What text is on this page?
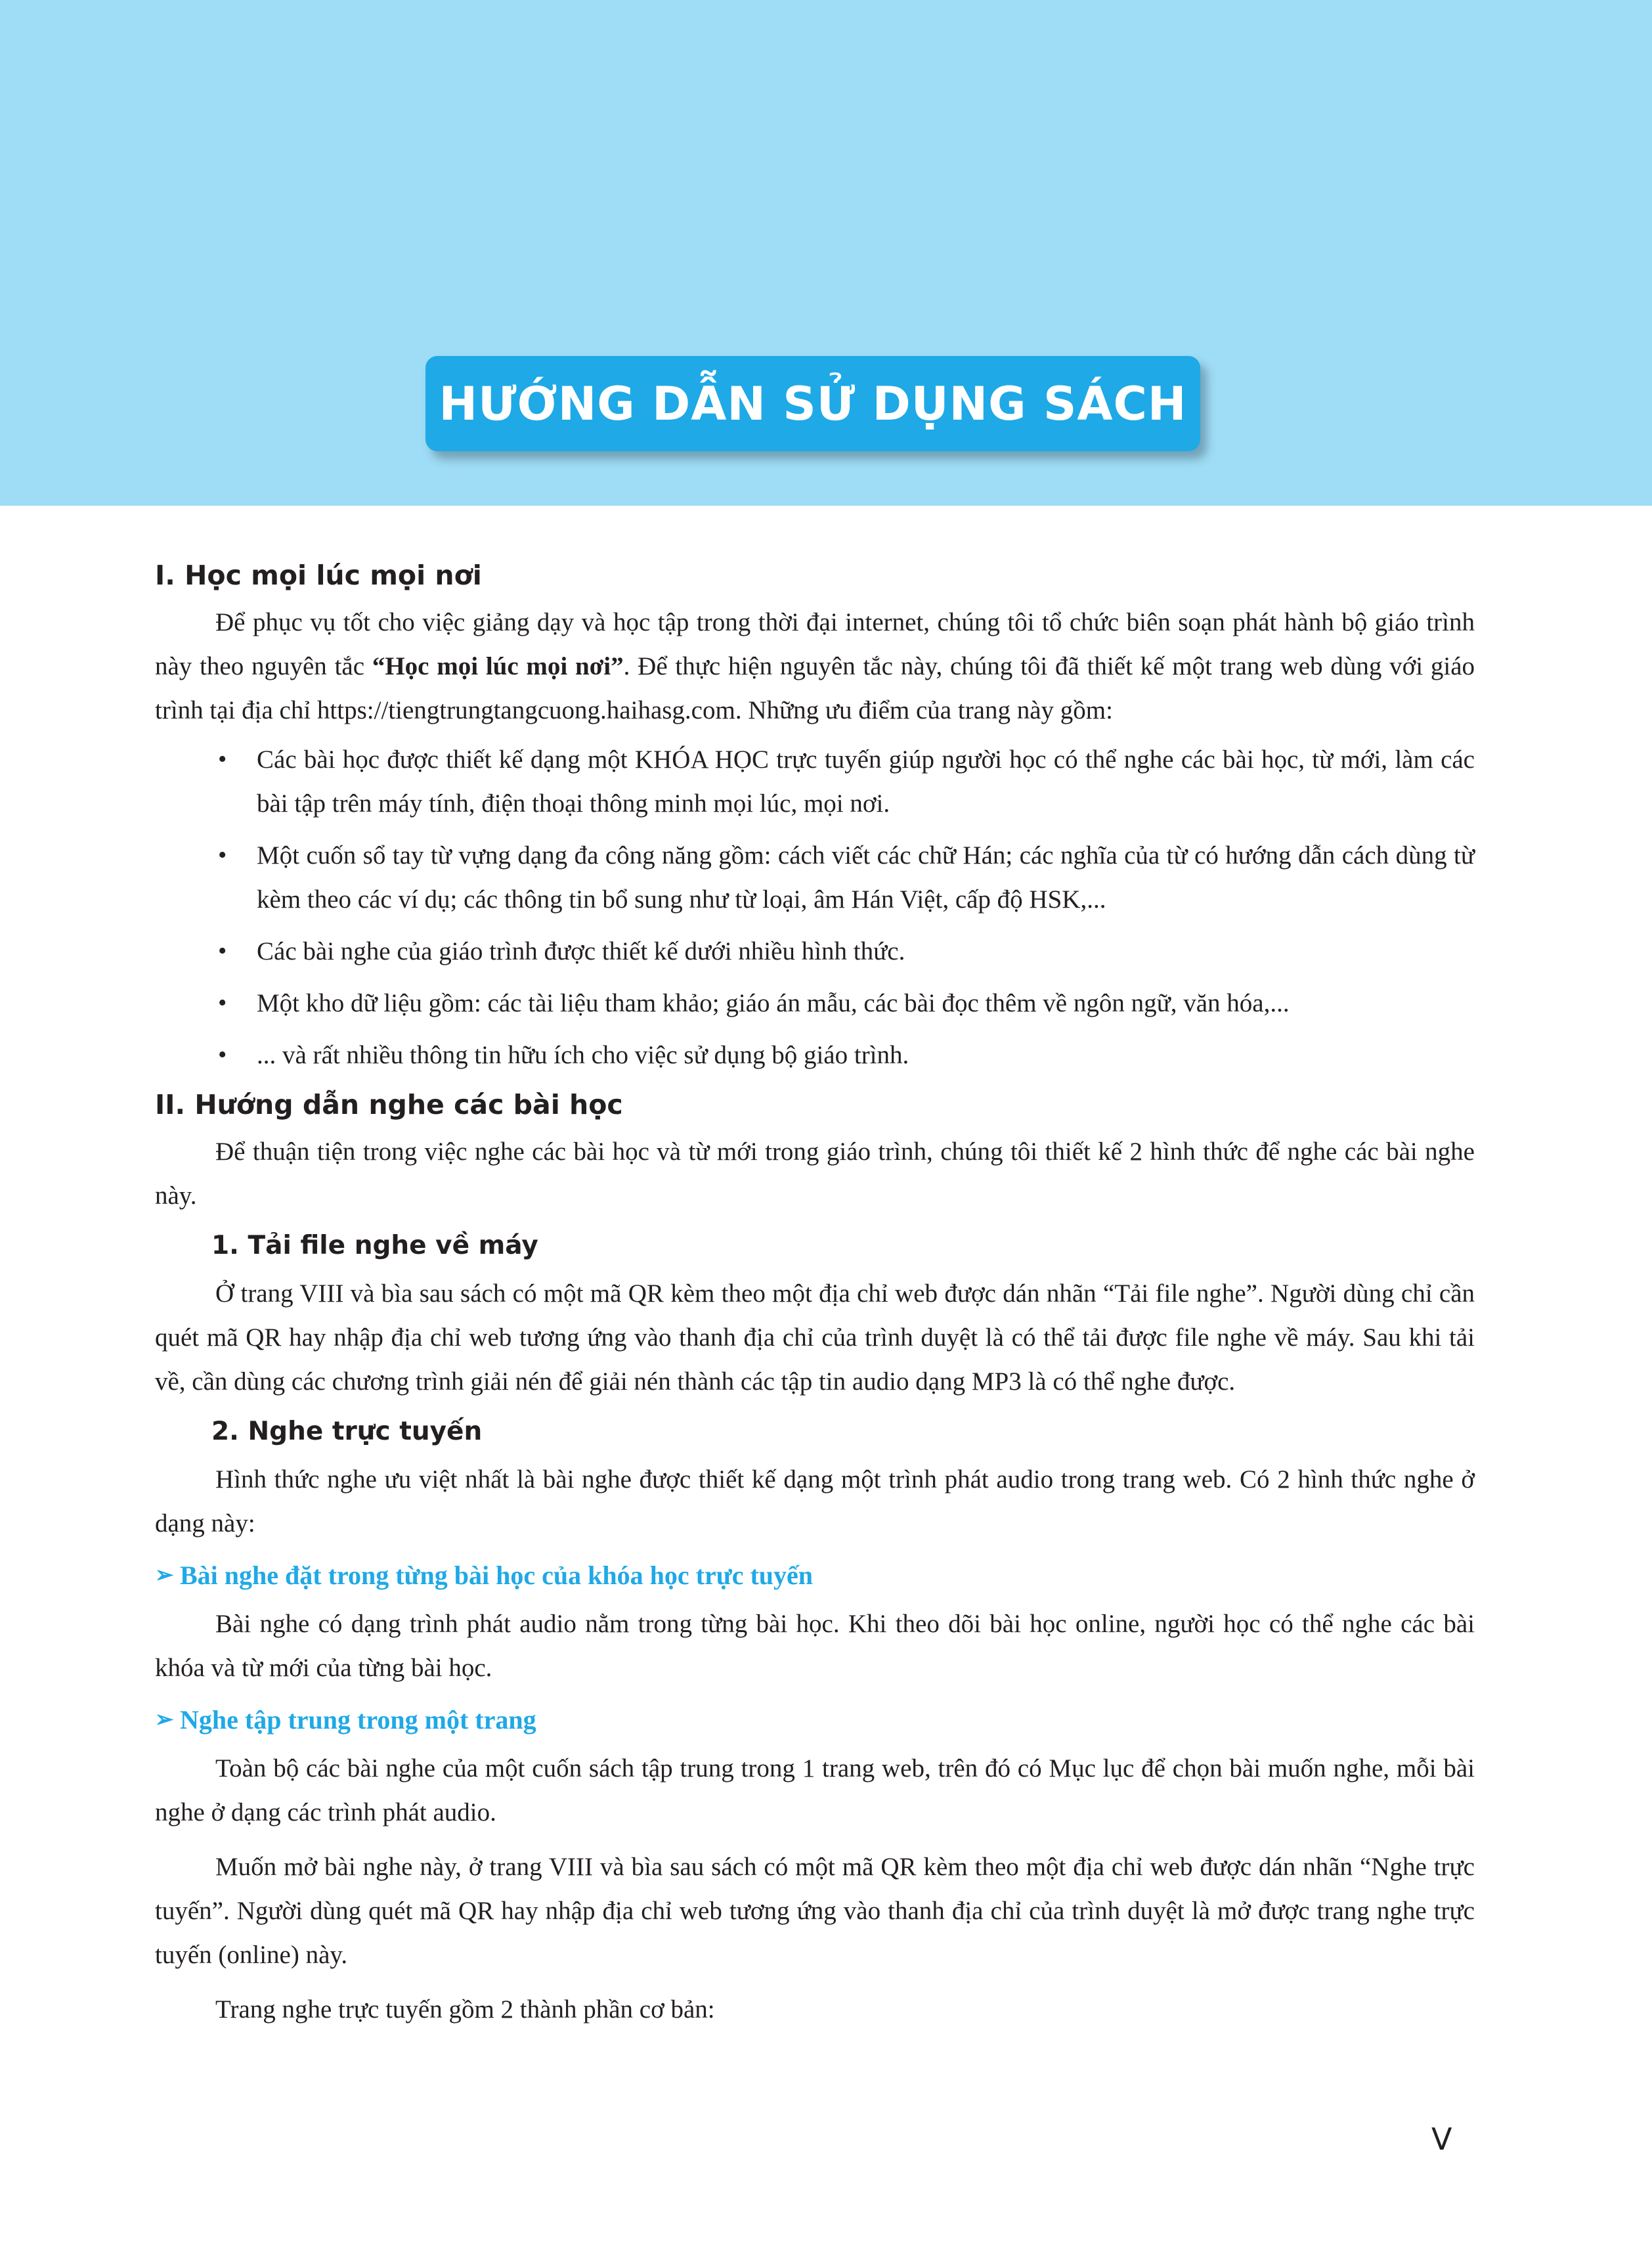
HƯỚNG DẪN SỬ DỤNG SÁCH
I. Học mọi lúc mọi nơi

Để phục vụ tốt cho việc giảng dạy và học tập trong thời đại internet, chúng tôi tổ chức biên soạn phát hành bộ giáo trình này theo nguyên tắc “Học mọi lúc mọi nơi”. Để thực hiện nguyên tắc này, chúng tôi đã thiết kế một trang web dùng với giáo trình tại địa chỉ https://tiengtrungtangcuong.haihasg.com. Những ưu điểm của trang này gồm:

• Các bài học được thiết kế dạng một KHÓA HỌC trực tuyến giúp người học có thể nghe các bài học, từ mới, làm các bài tập trên máy tính, điện thoại thông minh mọi lúc, mọi nơi.
• Một cuốn sổ tay từ vựng dạng đa công năng gồm: cách viết các chữ Hán; các nghĩa của từ có hướng dẫn cách dùng từ kèm theo các ví dụ; các thông tin bổ sung như từ loại, âm Hán Việt, cấp độ HSK,...
• Các bài nghe của giáo trình được thiết kế dưới nhiều hình thức.
• Một kho dữ liệu gồm: các tài liệu tham khảo; giáo án mẫu, các bài đọc thêm về ngôn ngữ, văn hóa,...
• ... và rất nhiều thông tin hữu ích cho việc sử dụng bộ giáo trình.
II. Hướng dẫn nghe các bài học

Để thuận tiện trong việc nghe các bài học và từ mới trong giáo trình, chúng tôi thiết kế 2 hình thức để nghe các bài nghe này.

1. Tải file nghe về máy

Ở trang VIII và bìa sau sách có một mã QR kèm theo một địa chỉ web được dán nhãn “Tải file nghe”. Người dùng chỉ cần quét mã QR hay nhập địa chỉ web tương ứng vào thanh địa chỉ của trình duyệt là có thể tải được file nghe về máy. Sau khi tải về, cần dùng các chương trình giải nén để giải nén thành các tập tin audio dạng MP3 là có thể nghe được.

2. Nghe trực tuyến

Hình thức nghe ưu việt nhất là bài nghe được thiết kế dạng một trình phát audio trong trang web. Có 2 hình thức nghe ở dạng này:

➢ Bài nghe đặt trong từng bài học của khóa học trực tuyến

Bài nghe có dạng trình phát audio nằm trong từng bài học. Khi theo dõi bài học online, người học có thể nghe các bài khóa và từ mới của từng bài học.

➢ Nghe tập trung trong một trang

Toàn bộ các bài nghe của một cuốn sách tập trung trong 1 trang web, trên đó có Mục lục để chọn bài muốn nghe, mỗi bài nghe ở dạng các trình phát audio.

Muốn mở bài nghe này, ở trang VIII và bìa sau sách có một mã QR kèm theo một địa chỉ web được dán nhãn “Nghe trực tuyến”. Người dùng quét mã QR hay nhập địa chỉ web tương ứng vào thanh địa chỉ của trình duyệt là mở được trang nghe trực tuyến (online) này.

Trang nghe trực tuyến gồm 2 thành phần cơ bản:

V
